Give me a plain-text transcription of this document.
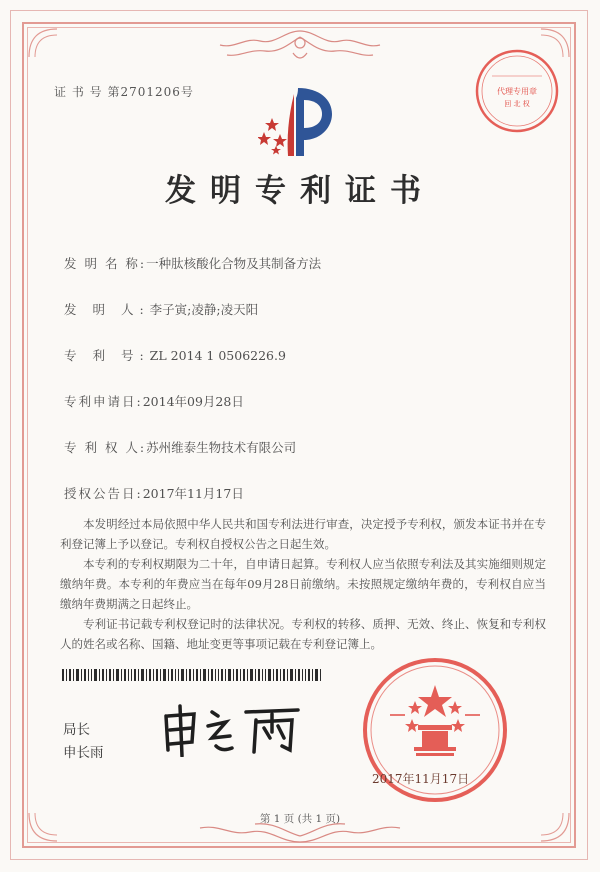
证 书 号 第2701206号	代理专用章
回 北 权
发明专利证书
发 明 名 称:一种肽核酸化合物及其制备方法
发 明 人:李子寅;凌静;凌天阳
专 利 号:ZL 2014 1 0506226.9
专利申请日:2014年09月28日
专 利 权 人:苏州维泰生物技术有限公司
授权公告日:2017年11月17日

本发明经过本局依照中华人民共和国专利法进行审查，决定授予专利权，颁发本证书并在专利登记簿上予以登记。专利权自授权公告之日起生效。

本专利的专利权期限为二十年，自申请日起算。专利权人应当依照专利法及其实施细则规定缴纳年费。本专利的年费应当在每年09月28日前缴纳。未按照规定缴纳年费的，专利权自应当缴纳年费期满之日起终止。

专利证书记载专利权登记时的法律状况。专利权的转移、质押、无效、终止、恢复和专利权人的姓名或名称、国籍、地址变更等事项记载在专利登记簿上。

局长
申长雨
2017年11月17日
第 1 页 (共 1 页)
